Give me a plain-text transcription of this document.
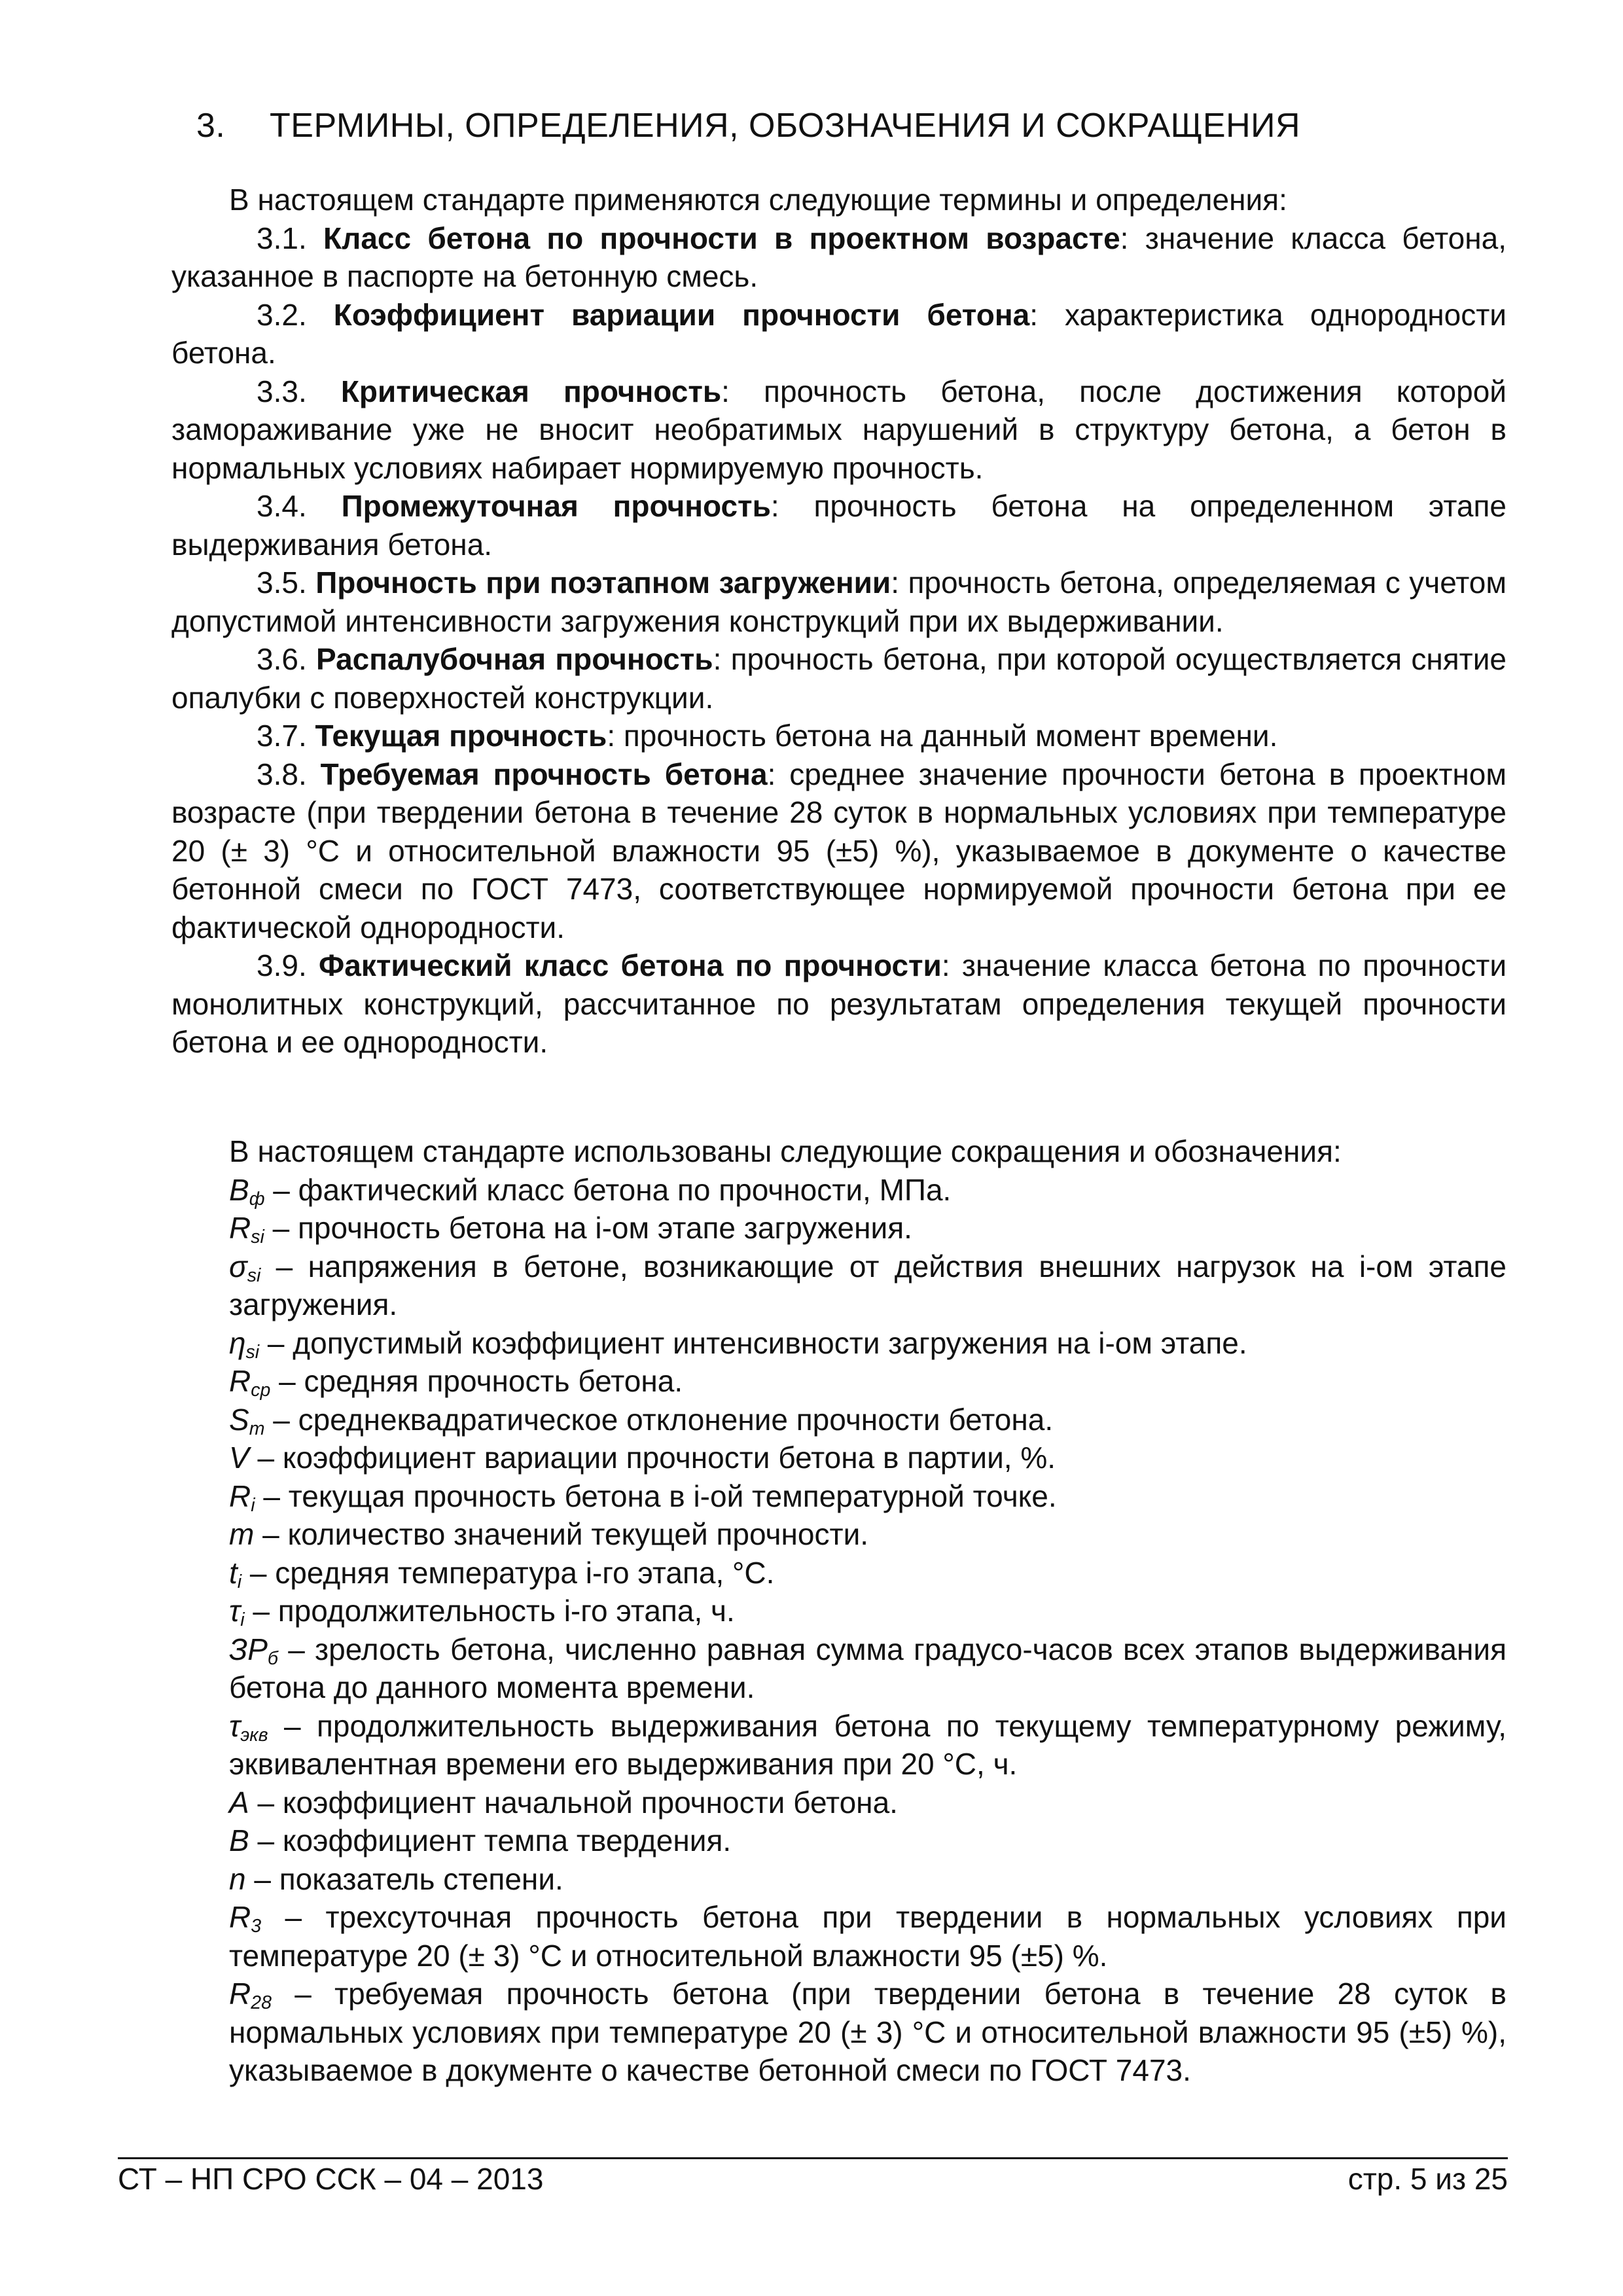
3. ТЕРМИНЫ, ОПРЕДЕЛЕНИЯ, ОБОЗНАЧЕНИЯ И СОКРАЩЕНИЯ

В настоящем стандарте применяются следующие термины и определения:

3.1. Класс бетона по прочности в проектном возрасте: значение класса бетона, указанное в паспорте на бетонную смесь.

3.2. Коэффициент вариации прочности бетона: характеристика однородности бетона.

3.3. Критическая прочность: прочность бетона, после достижения которой замораживание уже не вносит необратимых нарушений в структуру бетона, а бетон в нормальных условиях набирает нормируемую прочность.

3.4. Промежуточная прочность: прочность бетона на определенном этапе выдерживания бетона.

3.5. Прочность при поэтапном загружении: прочность бетона, определяемая с учетом допустимой интенсивности загружения конструкций при их выдерживании.

3.6. Распалубочная прочность: прочность бетона, при которой осуществляется снятие опалубки с поверхностей конструкции.

3.7. Текущая прочность: прочность бетона на данный момент времени.

3.8. Требуемая прочность бетона: среднее значение прочности бетона в проектном возрасте (при твердении бетона в течение 28 суток в нормальных условиях при температуре 20 (± 3) °С и относительной влажности 95 (±5) %), указываемое в документе о качестве бетонной смеси по ГОСТ 7473, соответствующее нормируемой прочности бетона при ее фактической однородности.

3.9. Фактический класс бетона по прочности: значение класса бетона по прочности монолитных конструкций, рассчитанное по результатам определения текущей прочности бетона и ее однородности.

В настоящем стандарте использованы следующие сокращения и обозначения:

$B_ф$ – фактический класс бетона по прочности, МПа.

$R_{si}$ – прочность бетона на i-ом этапе загружения.

$\sigma_{si}$ – напряжения в бетоне, возникающие от действия внешних нагрузок на i-ом этапе загружения.

$\eta_{si}$ – допустимый коэффициент интенсивности загружения на i-ом этапе.

$R_{ср}$ – средняя прочность бетона.

$S_m$ – среднеквадратическое отклонение прочности бетона.

V – коэффициент вариации прочности бетона в партии, %.

$R_i$ – текущая прочность бетона в i-ой температурной точке.

m – количество значений текущей прочности.

$t_i$ – средняя температура i-го этапа, °С.

$\tau_i$ – продолжительность i-го этапа, ч.

$ЗР_б$ – зрелость бетона, численно равная сумма градусо-часов всех этапов выдерживания бетона до данного момента времени.

$\tau_{экв}$ – продолжительность выдерживания бетона по текущему температурному режиму, эквивалентная времени его выдерживания при 20 °С, ч.

A – коэффициент начальной прочности бетона.

B – коэффициент темпа твердения.

n – показатель степени.

$R_3$ – трехсуточная прочность бетона при твердении в нормальных условиях при температуре 20 (± 3) °С и относительной влажности 95 (±5) %.

$R_{28}$ – требуемая прочность бетона (при твердении бетона в течение 28 суток в нормальных условиях при температуре 20 (± 3) °С и относительной влажности 95 (±5) %), указываемое в документе о качестве бетонной смеси по ГОСТ 7473.

СТ – НП СРО ССК – 04 – 2013	стр. 5 из 25
